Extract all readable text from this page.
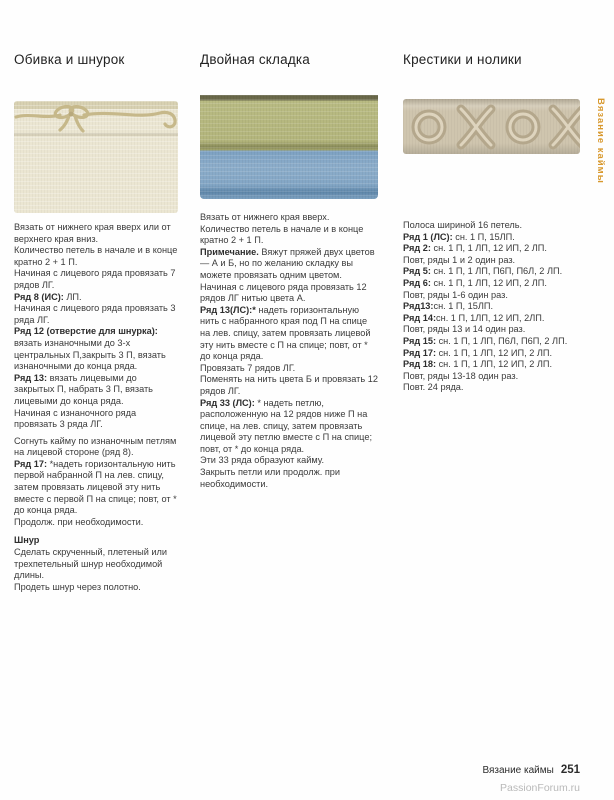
Вязание каймы
Обивка и шнурок

Вязать от нижнего края вверх или от верхнего края вниз.

Количество петель в начале и в конце кратно 2 + 1 П.

Начиная с лицевого ряда провязать 7 рядов ЛГ.

Ряд 8 (ИС): ЛП.

Начиная с лицевого ряда провязать 3 ряда ЛГ.

Ряд 12 (отверстие для шнурка): вязать изнаночными до 3-х центральных П,закрыть 3 П, вязать изнаночными до конца ряда.

Ряд 13: вязать лицевыми до закрытых П, набрать 3 П, вязать лицевыми до конца ряда.

Начиная с изнаночного ряда провязать 3 ряда ЛГ.

Согнуть кайму по изнаночным петлям на лицевой стороне (ряд 8).

Ряд 17: *надеть горизонтальную нить первой набранной П на лев. спицу, затем провязать лицевой эту нить вместе с первой П на спице; повт, от * до конца ряда.

Продолж. при необходимости.

Шнур

Сделать скрученный, плетеный или трехпетельный шнур необходимой длины.

Продеть шнур через полотно.

Двойная складка

Вязать от нижнего края вверх.

Количество петель в начале и в конце кратно 2 + 1 П.

Примечание. Вяжут пряжей двух цветов — А и Б, но по желанию складку вы можете провязать одним цветом.

Начиная с лицевого ряда провязать 12 рядов ЛГ нитью цвета А.

Ряд 13(ЛС):* надеть горизонтальную нить с набранного края под П на спице на лев. спицу, затем провязать лицевой эту нить вместе с П на спице; повт, от * до конца ряда.

Провязать 7 рядов ЛГ.

Поменять на нить цвета Б и провязать 12 рядов ЛГ.

Ряд 33 (ЛС): * надеть петлю, расположенную на 12 рядов ниже П на спице, на лев. спицу, затем провязать лицевой эту петлю вместе с П на спице; повт, от * до конца ряда.

Эти 33 ряда образуют кайму.

Закрыть петли или продолж. при необходимости.

Крестики и нолики

Полоса шириной 16 петель.

Ряд 1 (ЛС): сн. 1 П, 15ЛП.

Ряд 2: сн. 1 П, 1 ЛП, 12 ИП, 2 ЛП.

Повт, ряды 1 и 2 один раз.

Ряд 5: сн. 1 П, 1 ЛП, П6П, П6Л, 2 ЛП.

Ряд 6: сн. 1 П, 1 ЛП, 12 ИП, 2 ЛП.

Повт, ряды 1-6 один раз.

Ряд13:сн. 1 П, 15ЛП.

Ряд 14:сн. 1 П, 1ЛП, 12 ИП, 2ЛП.

Повт, ряды 13 и 14 один раз.

Ряд 15: сн. 1 П, 1 ЛП, П6Л, П6П, 2 ЛП.

Ряд 17: сн. 1 П, 1 ЛП, 12 ИП, 2 ЛП.

Ряд 18: сн. 1 П, 1 ЛП, 12 ИП, 2 ЛП.

Повт, ряды 13-18 один раз.

Повт. 24 ряда.

Вязание каймы 251
PassionForum.ru
